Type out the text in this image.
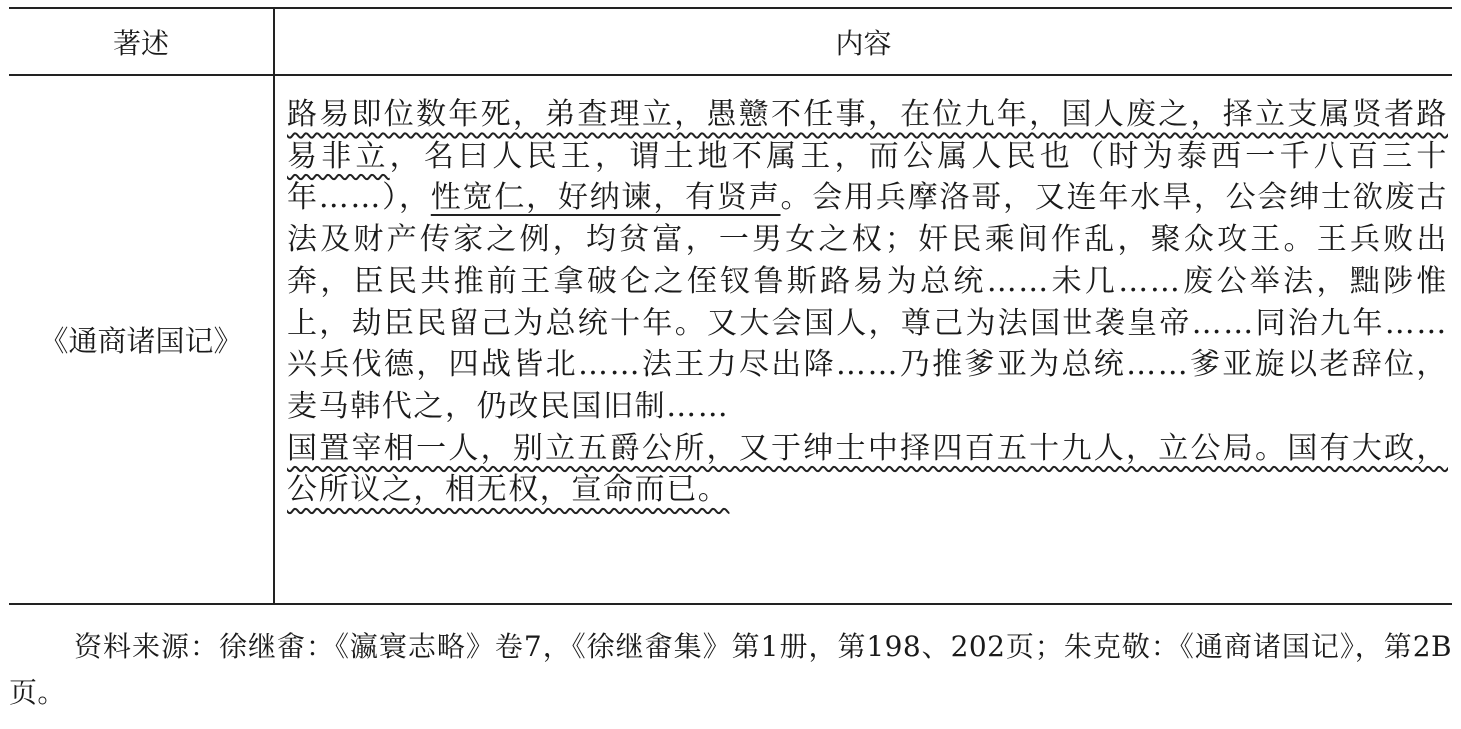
著述	内容
《通商诸国记》	路易即位数年死，弟查理立，愚戆不任事，在位九年，国人废之，择立支属贤者路易非立，名曰人民王，谓土地不属王，而公属人民也（时为泰西一千八百三十年……），性宽仁，好纳谏，有贤声。会用兵摩洛哥，又连年水旱，公会绅士欲废古法及财产传家之例，均贫富，一男女之权；奸民乘间作乱，聚众攻王。王兵败出奔，臣民共推前王拿破仑之侄钗鲁斯路易为总统……未几……废公举法，黜陟惟上，劫臣民留己为总统十年。又大会国人，尊己为法国世袭皇帝……同治九年……兴兵伐德，四战皆北……法王力尽出降……乃推爹亚为总统……爹亚旋以老辞位，麦马韩代之，仍改民国旧制……
国置宰相一人，别立五爵公所，又于绅士中择四百五十九人，立公局。国有大政，公所议之，相无权，宣命而已。

资料来源：徐继畬：《瀛寰志略》卷7，《徐继畬集》第1册，第198、202页；朱克敬：《通商诸国记》，第2B页。
